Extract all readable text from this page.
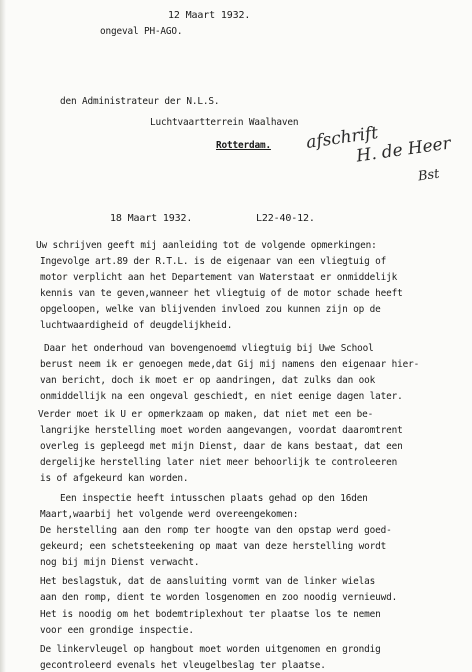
12 Maart 1932.
ongeval PH-AGO.
den Administrateur der N.L.S.
Luchtvaartterrein Waalhaven
Rotterdam. afschrift
H. de Heer
Bst
18 Maart 1932.	L22-40-12.
Uw schrijven geeft mij aanleiding tot de volgende opmerkingen:
Ingevolge art.89 der R.T.L. is de eigenaar van een vliegtuig of
motor verplicht aan het Departement van Waterstaat er onmiddelijk
kennis van te geven,wanneer het vliegtuig of de motor schade heeft
opgeloopen, welke van blijvenden invloed zou kunnen zijn op de
luchtwaardigheid of deugdelijkheid.
Daar het onderhoud van bovengenoemd vliegtuig bij Uwe School
berust neem ik er genoegen mede,dat Gij mij namens den eigenaar hier-
van bericht, doch ik moet er op aandringen, dat zulks dan ook
onmiddellijk na een ongeval geschiedt, en niet eenige dagen later.
Verder moet ik U er opmerkzaam op maken, dat niet met een be-
langrijke herstelling moet worden aangevangen, voordat daaromtrent
overleg is gepleegd met mijn Dienst, daar de kans bestaat, dat een
dergelijke herstelling later niet meer behoorlijk te controleeren
is of afgekeurd kan worden.
Een inspectie heeft intusschen plaats gehad op den 16den
Maart,waarbij het volgende werd overeengekomen:
De herstelling aan den romp ter hoogte van den opstap werd goed-
gekeurd; een schetsteekening op maat van deze herstelling wordt
nog bij mijn Dienst verwacht.
Het beslagstuk, dat de aansluiting vormt van de linker wielas
aan den romp, dient te worden losgenomen en zoo noodig vernieuwd.
Het is noodig om het bodemtriplexhout ter plaatse los te nemen
voor een grondige inspectie.
De linkervleugel op hangbout moet worden uitgenomen en grondig
gecontroleerd evenals het vleugelbeslag ter plaatse.
